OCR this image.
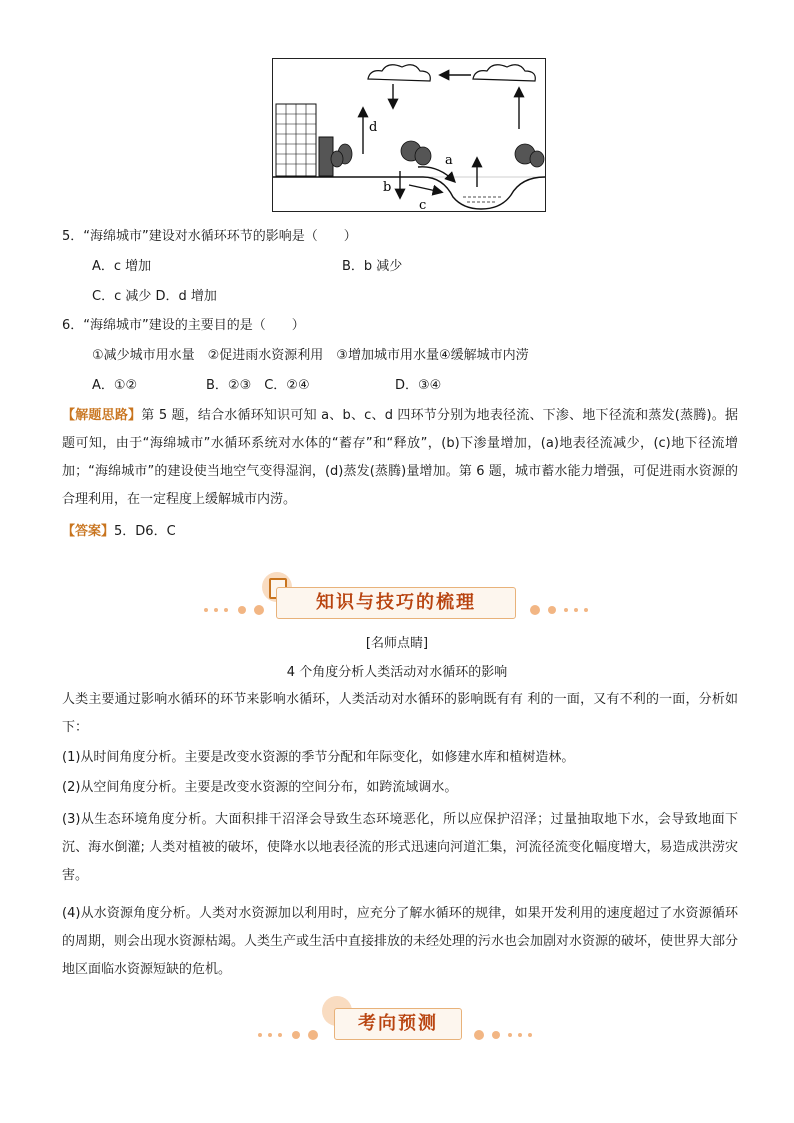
d
a
b
c
5．“海绵城市”建设对水循环环节的影响是（　　）
A．c 增加	B．b 减少
C．c 减少 D．d 增加
6．“海绵城市”建设的主要目的是（　　）
①减少城市用水量　②促进雨水资源利用　③增加城市用水量④缓解城市内涝
A．①②	B．②③　C．②④	D．③④
【解题思路】第 5 题，结合水循环知识可知 a、b、c、d 四环节分别为地表径流、下渗、地下径流和蒸发(蒸腾)。据题可知，由于“海绵城市”水循环系统对水体的“蓄存”和“释放”，(b)下渗量增加，(a)地表径流减少，(c)地下径流增加；“海绵城市”的建设使当地空气变得湿润，(d)蒸发(蒸腾)量增加。第 6 题，城市蓄水能力增强，可促进雨水资源的合理利用，在一定程度上缓解城市内涝。
【答案】5．D6．C
知识与技巧的梳理
[名师点睛]
4 个角度分析人类活动对水循环的影响
人类主要通过影响水循环的环节来影响水循环，人类活动对水循环的影响既有有 利的一面，又有不利的一面，分析如下：
(1)从时间角度分析。主要是改变水资源的季节分配和年际变化，如修建水库和植树造林。
(2)从空间角度分析。主要是改变水资源的空间分布，如跨流域调水。
(3)从生态环境角度分析。大面积排干沼泽会导致生态环境恶化，所以应保护沼泽；过量抽取地下水，会导致地面下沉、海水倒灌; 人类对植被的破坏，使降水以地表径流的形式迅速向河道汇集，河流径流变化幅度增大，易造成洪涝灾害。
(4)从水资源角度分析。人类对水资源加以利用时，应充分了解水循环的规律，如果开发利用的速度超过了水资源循环的周期，则会出现水资源枯竭。人类生产或生活中直接排放的未经处理的污水也会加剧对水资源的破坏，使世界大部分地区面临水资源短缺的危机。
考向预测
